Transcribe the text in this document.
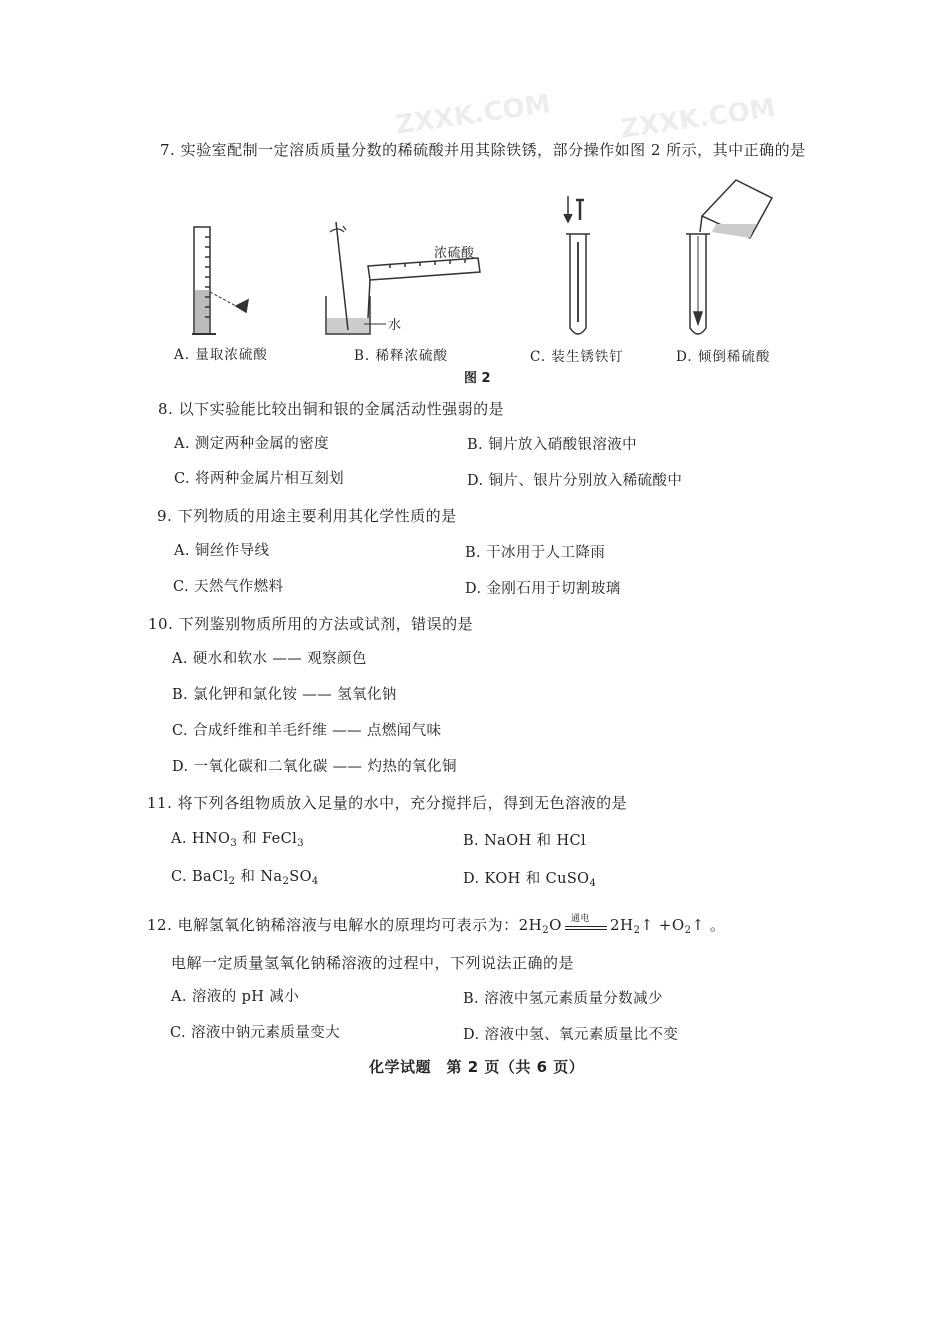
ZXXK.COM	ZXXK.COM
7. 实验室配制一定溶质质量分数的稀硫酸并用其除铁锈，部分操作如图 2 所示，其中正确的是
浓硫酸
水
A. 量取浓硫酸	B. 稀释浓硫酸	C. 装生锈铁钉	D. 倾倒稀硫酸
图 2
8. 以下实验能比较出铜和银的金属活动性强弱的是
A. 测定两种金属的密度	B. 铜片放入硝酸银溶液中
C. 将两种金属片相互刻划	D. 铜片、银片分别放入稀硫酸中
9. 下列物质的用途主要利用其化学性质的是
A. 铜丝作导线	B. 干冰用于人工降雨
C. 天然气作燃料	D. 金刚石用于切割玻璃
10. 下列鉴别物质所用的方法或试剂，错误的是
A. 硬水和软水 —— 观察颜色
B. 氯化钾和氯化铵 —— 氢氧化钠
C. 合成纤维和羊毛纤维 —— 点燃闻气味
D. 一氧化碳和二氧化碳 —— 灼热的氧化铜
11. 将下列各组物质放入足量的水中，充分搅拌后，得到无色溶液的是
A. $HNO_3$ 和 FeCl$_3$	B. NaOH 和 HCl
C. BaCl$_2$ 和 $Na_2SO_4$	D. KOH 和 CuSO$_4$
12. 电解氢氧化钠稀溶液与电解水的原理均可表示为：$2H_2O$ 通电 $2H_2↑$ $+O_2↑$ 。
电解一定质量氢氧化钠稀溶液的过程中，下列说法正确的是
A. 溶液的 pH 减小	B. 溶液中氢元素质量分数减少
C. 溶液中钠元素质量变大	D. 溶液中氢、氧元素质量比不变
化学试题　第 2 页（共 6 页）
